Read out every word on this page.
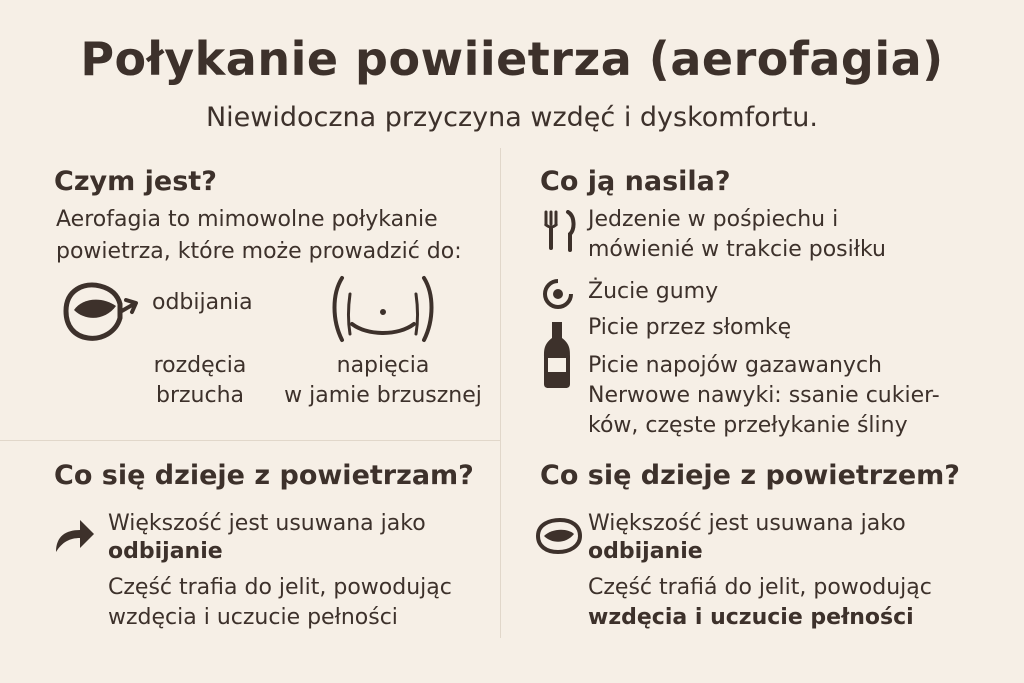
Połykanie powiietrza (aerofagia)
Niewidoczna przyczyna wzdęć i dyskomfortu.
Czym jest?
Aerofagia to mimowolne połykanie
powietrza, które może prowadzić do:
odbijania
rozdęcia
brzucha
napięcia
w jamie brzusznej
Co ją nasila?
Jedzenie w pośpiechu i
mówienié w trakcie posiłku
Żucie gumy
Picie przez słomkę
Picie napojów gazawanych
Nerwowe nawyki: ssanie cukier-
ków, częste przełykanie śliny
Co się dzieje z powietrzam?
Większość jest usuwana jako
odbijanie
Część trafia do jelit, powodując
wzdęcia i uczucie pełności
Co się dzieje z powietrzem?
Większość jest usuwana jako
odbijanie
Część trafiá do jelit, powodując
wzdęcia i uczucie pełności
